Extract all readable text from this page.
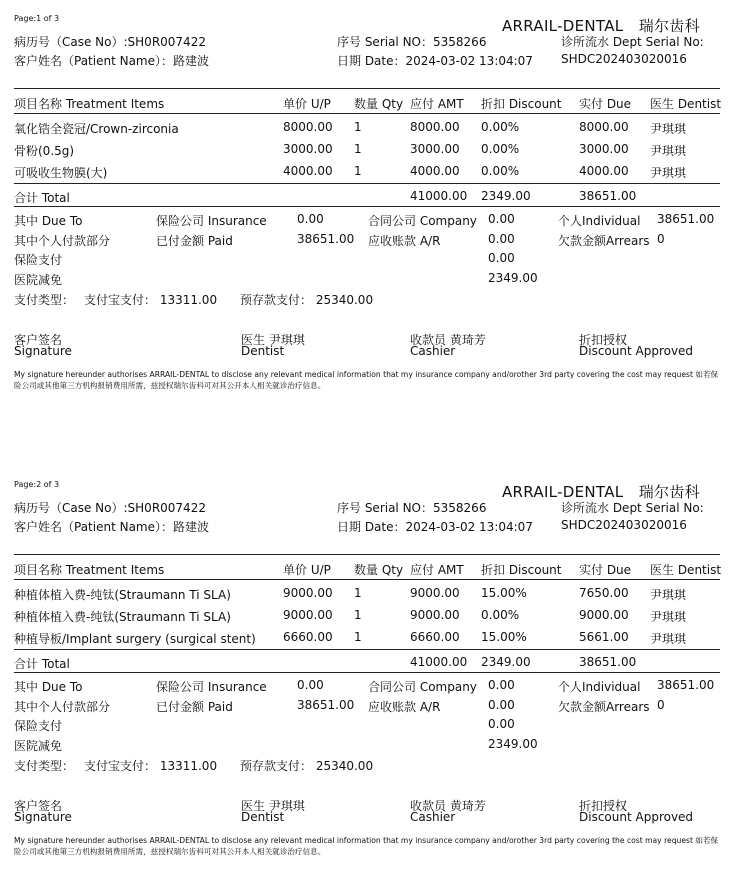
Page:1 of 3	ARRAIL-DENTAL　瑞尔齿科
病历号（Case No）:SH0R007422	序号 Serial NO：5358266	诊所流水 Dept Serial No:
客户姓名（Patient Name）：路建波	日期 Date：2024-03-02 13:04:07 SHDC202403020016
项目名称 Treatment Items	单价 U/P 数量 Qty 应付 AMT 折扣 Discount 实付 Due 医生 Dentist
氧化锆全瓷冠/Crown-zirconia	8000.00 1	8000.00 0.00%	8000.00 尹琪琪
骨粉(0.5g)	3000.00 1	3000.00 0.00%	3000.00 尹琪琪
可吸收生物膜(大)	4000.00 1	4000.00 0.00%	4000.00 尹琪琪
合计 Total	41000.00 2349.00	38651.00
其中 Due To	保险公司 Insurance	0.00	合同公司 Company 0.00	个人Individual 38651.00
其中个人付款部分	已付金额 Paid	38651.00 应收账款 A/R	0.00	欠款金额Arrears 0
保险支付	0.00
医院减免	2349.00
支付类型： 支付宝支付： 13311.00 预存款支付： 25340.00
客户签名
Signature
医生 尹琪琪
Dentist
收款员 黄琦芳
Cashier
折扣授权
Discount Approved
My signature hereunder authorises ARRAIL-DENTAL to disclose any relevant medical information that my insurance company and/orother 3rd party covering the cost may request 如若保险公司或其他第三方机构报销费用所需，兹授权瑞尔齿科可对其公开本人相关就诊治疗信息。
Page:2 of 3	ARRAIL-DENTAL　瑞尔齿科
病历号（Case No）:SH0R007422	序号 Serial NO：5358266	诊所流水 Dept Serial No:
客户姓名（Patient Name）：路建波	日期 Date：2024-03-02 13:04:07 SHDC202403020016
项目名称 Treatment Items	单价 U/P 数量 Qty 应付 AMT 折扣 Discount 实付 Due 医生 Dentist
种植体植入费-纯钛(Straumann Ti SLA)	9000.00 1	9000.00 15.00%	7650.00 尹琪琪
种植体植入费-纯钛(Straumann Ti SLA)	9000.00 1	9000.00 0.00%	9000.00 尹琪琪
种植导板/Implant surgery (surgical stent) 6660.00 1	6660.00 15.00%	5661.00 尹琪琪
合计 Total	41000.00 2349.00	38651.00
其中 Due To	保险公司 Insurance	0.00	合同公司 Company 0.00	个人Individual 38651.00
其中个人付款部分	已付金额 Paid	38651.00 应收账款 A/R	0.00	欠款金额Arrears 0
保险支付	0.00
医院减免	2349.00
支付类型： 支付宝支付： 13311.00 预存款支付： 25340.00
客户签名
Signature
医生 尹琪琪
Dentist
收款员 黄琦芳
Cashier
折扣授权
Discount Approved
My signature hereunder authorises ARRAIL-DENTAL to disclose any relevant medical information that my insurance company and/orother 3rd party covering the cost may request 如若保险公司或其他第三方机构报销费用所需，兹授权瑞尔齿科可对其公开本人相关就诊治疗信息。
